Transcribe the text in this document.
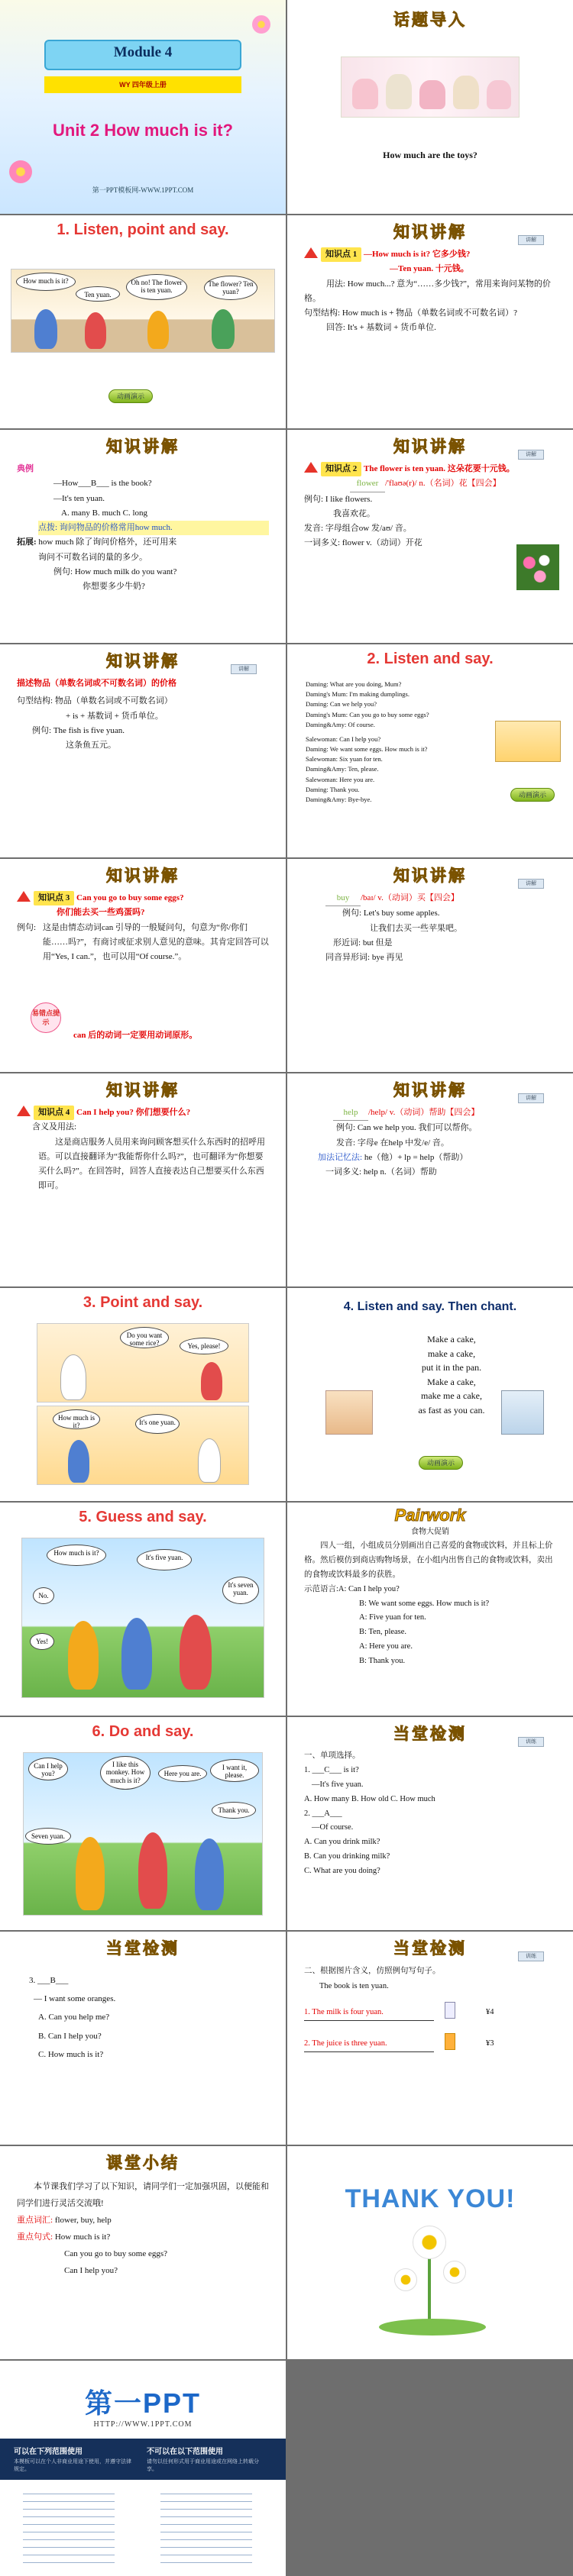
Module 4
WY 四年级上册
Unit 2 How much is it?
第一PPT模板网-WWW.1PPT.COM
话题导入
How much are the toys?
1. Listen, point and say.
How much is it?
Ten yuan.
Oh no! The flower is ten yuan.
The flower? Ten yuan?
动画演示
知识讲解	讲解
知识点 1 —How much is it? 它多少钱?
—Ten yuan. 十元钱。
用法: How much...? 意为“……多少钱?”，常用来询问某物的价格。
句型结构: How much is + 物品（单数名词或不可数名词）?
回答: It's + 基数词 + 货币单位.
知识讲解
典例
—How___B___ is the book?
—It's ten yuan.
A. many B. much C. long
点拨: 询问物品的价格常用how much.
拓展: how much 除了询问价格外，还可用来
询问不可数名词的量的多少。
例句: How much milk do you want?
你想要多少牛奶?
知识讲解	讲解
知识点 2 The flower is ten yuan. 这朵花要十元钱。
flower /'flaʊə(r)/ n.（名词）花【四会】
例句: I like flowers.
我喜欢花。
发音: 字母组合ow 发/aʊ/ 音。
一词多义: flower v.（动词）开花
知识讲解	讲解
描述物品（单数名词或不可数名词）的价格
句型结构: 物品（单数名词或不可数名词）
+ is + 基数词 + 货币单位。
例句: The fish is five yuan.
这条鱼五元。
2. Listen and say.
Daming: What are you doing, Mum?
Daming's Mum: I'm making dumplings.
Daming: Can we help you?
Daming's Mum: Can you go to buy some eggs?
Daming&Amy: Of course.
Salewoman: Can I help you?
Daming: We want some eggs. How much is it?
Salewoman: Six yuan for ten.
Daming&Amy: Ten, please.
Salewoman: Here you are.
Daming: Thank you.
Daming&Amy: Bye-bye.
动画演示
知识讲解
知识点 3 Can you go to buy some eggs?
你们能去买一些鸡蛋吗?
例句: 这是由情态动词can 引导的一般疑问句，句意为“你/你们能……吗?”，有商讨或征求别人意见的意味。其肯定回答可以用“Yes, I can.”，也可以用“Of course.”。
易错点提示
can 后的动词一定要用动词原形。
知识讲解	讲解
buy /baɪ/ v.（动词）买【四会】
例句: Let's buy some apples.
让我们去买一些苹果吧。
形近词: but 但是
同音异形词: bye 再见
知识讲解
知识点 4 Can I help you? 你们想要什么?
含义及用法:
这是商店服务人员用来询问顾客想买什么东西时的招呼用语。可以直接翻译为“我能帮你什么吗?”，也可翻译为“你想要买什么吗?”。在回答时，回答人直接表达自己想要买什么东西即可。
知识讲解	讲解
help /help/ v.（动词）帮助【四会】
例句: Can we help you. 我们可以帮你。
发音: 字母e 在help 中发/e/ 音。
加法记忆法: he（他）+ lp = help（帮助）
一词多义: help n.（名词）帮助
3. Point and say.
Do you want some rice?	Yes, please!
How much is it?	It's one yuan.
4. Listen and say. Then chant.
Make a cake,
make a cake,
put it in the pan.
Make a cake,
make me a cake,
as fast as you can.
动画演示
5. Guess and say.
How much is it?
It's five yuan.
No.
It's seven yuan.
Yes!
Pairwork
食物大促销
四人一组，小组成员分别画出自己喜爱的食物或饮料，并且标上价格。然后模仿到商店购物场景，在小组内出售自己的食物或饮料，卖出的食物或饮料最多的获胜。
示范语言:A: Can I help you?
B: We want some eggs. How much is it?
A: Five yuan for ten.
B: Ten, please.
A: Here you are.
B: Thank you.
6. Do and say.
Can I help you?
I like this monkey. How much is it?
Here you are.
I want it, please.
Thank you.
Seven yuan.
当堂检测	训练
一、单项选择。
1. ___C___ is it?
—It's five yuan.
A. How many B. How old C. How much
2. ___A___
—Of course.
A. Can you drink milk?
B. Can you drinking milk?
C. What are you doing?
当堂检测
3. ___B___
— I want some oranges.
A. Can you help me?
B. Can I help you?
C. How much is it?
当堂检测	训练
二、根据图片含义，仿照例句写句子。
The book is ten yuan.
1. The milk is four yuan.	¥4
2. The juice is three yuan.	¥3
课堂小结
本节课我们学习了以下知识，请同学们一定加强巩固，以便能和同学们进行灵活交流哦!
重点词汇: flower, buy, help
重点句式: How much is it?
Can you go to buy some eggs?
Can I help you?
THANK YOU!
第一PPT
HTTP://WWW.1PPT.COM
可以在下列范围使用	不可以在以下范围使用
本模板可以在个人非商业用途下使用，并遵守法律规定。
请勿以任何形式用于商业用途或在网络上转载分享。
